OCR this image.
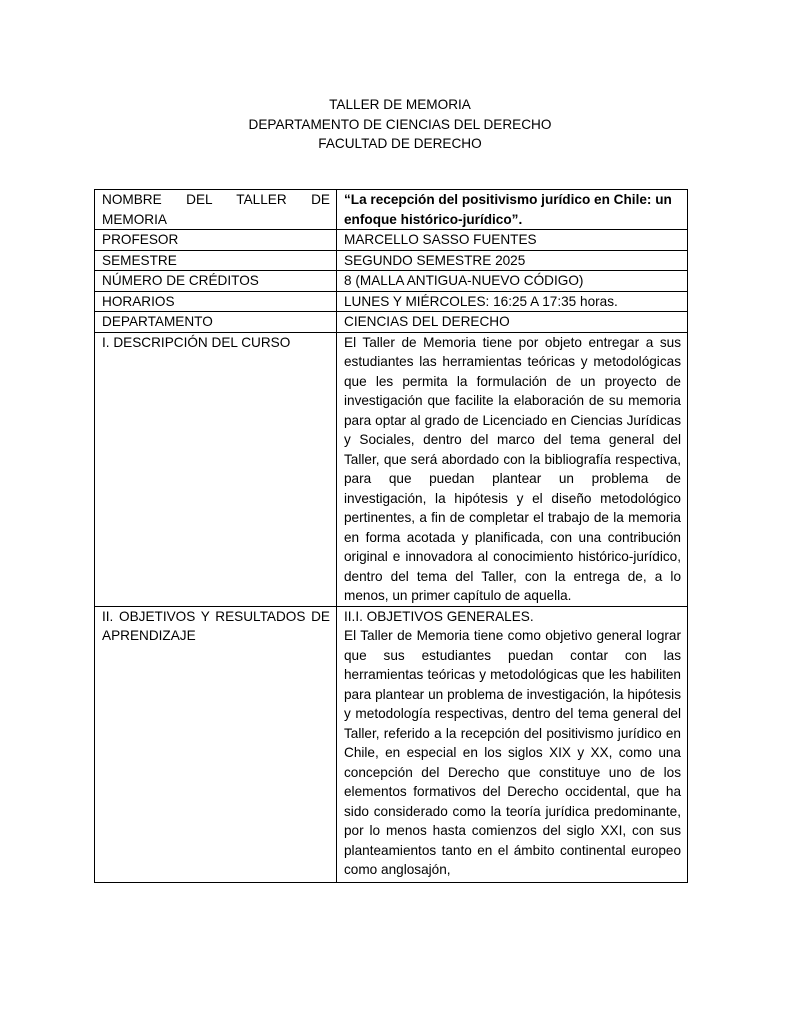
TALLER DE MEMORIA
DEPARTAMENTO DE CIENCIAS DEL DERECHO
FACULTAD DE DERECHO
NOMBRE DEL TALLER DE MEMORIA	“La recepción del positivismo jurídico en Chile: un enfoque histórico-jurídico”.
PROFESOR	MARCELLO SASSO FUENTES
SEMESTRE	SEGUNDO SEMESTRE 2025
NÚMERO DE CRÉDITOS	8 (MALLA ANTIGUA-NUEVO CÓDIGO)
HORARIOS	LUNES Y MIÉRCOLES: 16:25 A 17:35 horas.
DEPARTAMENTO	CIENCIAS DEL DERECHO
I. DESCRIPCIÓN DEL CURSO	El Taller de Memoria tiene por objeto entregar a sus estudiantes las herramientas teóricas y metodológicas que les permita la formulación de un proyecto de investigación que facilite la elaboración de su memoria para optar al grado de Licenciado en Ciencias Jurídicas y Sociales, dentro del marco del tema general del Taller, que será abordado con la bibliografía respectiva, para que puedan plantear un problema de investigación, la hipótesis y el diseño metodológico pertinentes, a fin de completar el trabajo de la memoria en forma acotada y planificada, con una contribución original e innovadora al conocimiento histórico-jurídico, dentro del tema del Taller, con la entrega de, a lo menos, un primer capítulo de aquella.
II. OBJETIVOS Y RESULTADOS DE APRENDIZAJE	II.I. OBJETIVOS GENERALES.
El Taller de Memoria tiene como objetivo general lograr que sus estudiantes puedan contar con las herramientas teóricas y metodológicas que les habiliten para plantear un problema de investigación, la hipótesis y metodología respectivas, dentro del tema general del Taller, referido a la recepción del positivismo jurídico en Chile, en especial en los siglos XIX y XX, como una concepción del Derecho que constituye uno de los elementos formativos del Derecho occidental, que ha sido considerado como la teoría jurídica predominante, por lo menos hasta comienzos del siglo XXI, con sus planteamientos tanto en el ámbito continental europeo como anglosajón,
